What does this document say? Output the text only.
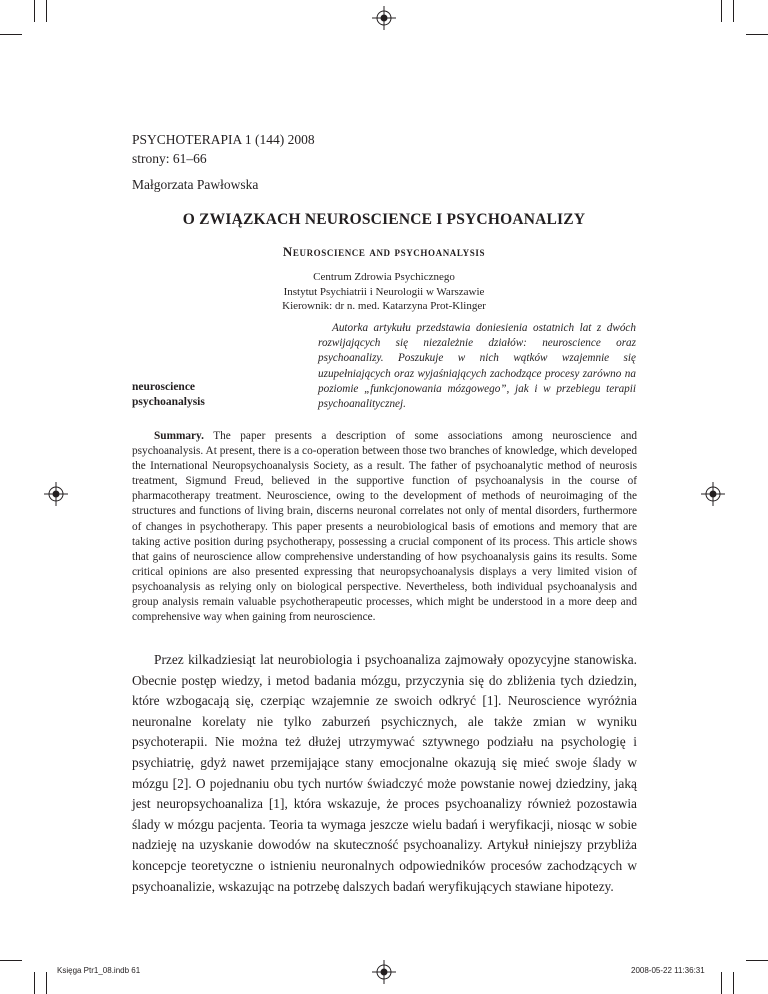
PSYCHOTERAPIA 1 (144) 2008
strony: 61–66
Małgorzata Pawłowska
O ZWIĄZKACH NEUROSCIENCE I PSYCHOANALIZY
Neuroscience and psychoanalysis
Centrum Zdrowia Psychicznego
Instytut Psychiatrii i Neurologii w Warszawie
Kierownik: dr n. med. Katarzyna Prot-Klinger
neuroscience
psychoanalysis
Autorka artykułu przedstawia doniesienia ostatnich lat z dwóch rozwijających się niezależnie działów: neuroscience oraz psychoanalizy. Poszukuje w nich wątków wzajemnie się uzupełniających oraz wyjaśniających zachodzące procesy zarówno na poziomie „funkcjonowania mózgowego”, jak i w przebiegu terapii psychoanalitycznej.
Summary. The paper presents a description of some associations among neuroscience and psychoanalysis. At present, there is a co-operation between those two branches of knowledge, which developed the International Neuropsychoanalysis Society, as a result. The father of psychoanalytic method of neurosis treatment, Sigmund Freud, believed in the supportive function of psychoanalysis in the course of pharmacotherapy treatment. Neuroscience, owing to the development of methods of neuroimaging of the structures and functions of living brain, discerns neuronal correlates not only of mental disorders, furthermore of changes in psychotherapy. This paper presents a neurobiological basis of emotions and memory that are taking active position during psychotherapy, possessing a crucial component of its process. This article shows that gains of neuroscience allow comprehensive understanding of how psychoanalysis gains its results. Some critical opinions are also presented expressing that neuropsychoanalysis displays a very limited vision of psychoanalysis as relying only on biological perspective. Nevertheless, both individual psychoanalysis and group analysis remain valuable psychotherapeutic processes, which might be understood in a more deep and comprehensive way when gaining from neuroscience.
Przez kilkadziesiąt lat neurobiologia i psychoanaliza zajmowały opozycyjne stanowiska. Obecnie postęp wiedzy, i metod badania mózgu, przyczynia się do zbliżenia tych dziedzin, które wzbogacają się, czerpiąc wzajemnie ze swoich odkryć [1]. Neuroscience wyróżnia neuronalne korelaty nie tylko zaburzeń psychicznych, ale także zmian w wyniku psychoterapii. Nie można też dłużej utrzymywać sztywnego podziału na psychologię i psychiatrię, gdyż nawet przemijające stany emocjonalne okazują się mieć swoje ślady w mózgu [2]. O pojednaniu obu tych nurtów świadczyć może powstanie nowej dziedziny, jaką jest neuropsychoanaliza [1], która wskazuje, że proces psychoanalizy również pozostawia ślady w mózgu pacjenta. Teoria ta wymaga jeszcze wielu badań i weryfikacji, niosąc w sobie nadzieję na uzyskanie dowodów na skuteczność psychoanalizy. Artykuł niniejszy przybliża koncepcje teoretyczne o istnieniu neuronalnych odpowiedników procesów zachodzących w psychoanalizie, wskazując na potrzebę dalszych badań weryfikujących stawiane hipotezy.
Księga Ptr1_08.indb 61	2008-05-22 11:36:31
